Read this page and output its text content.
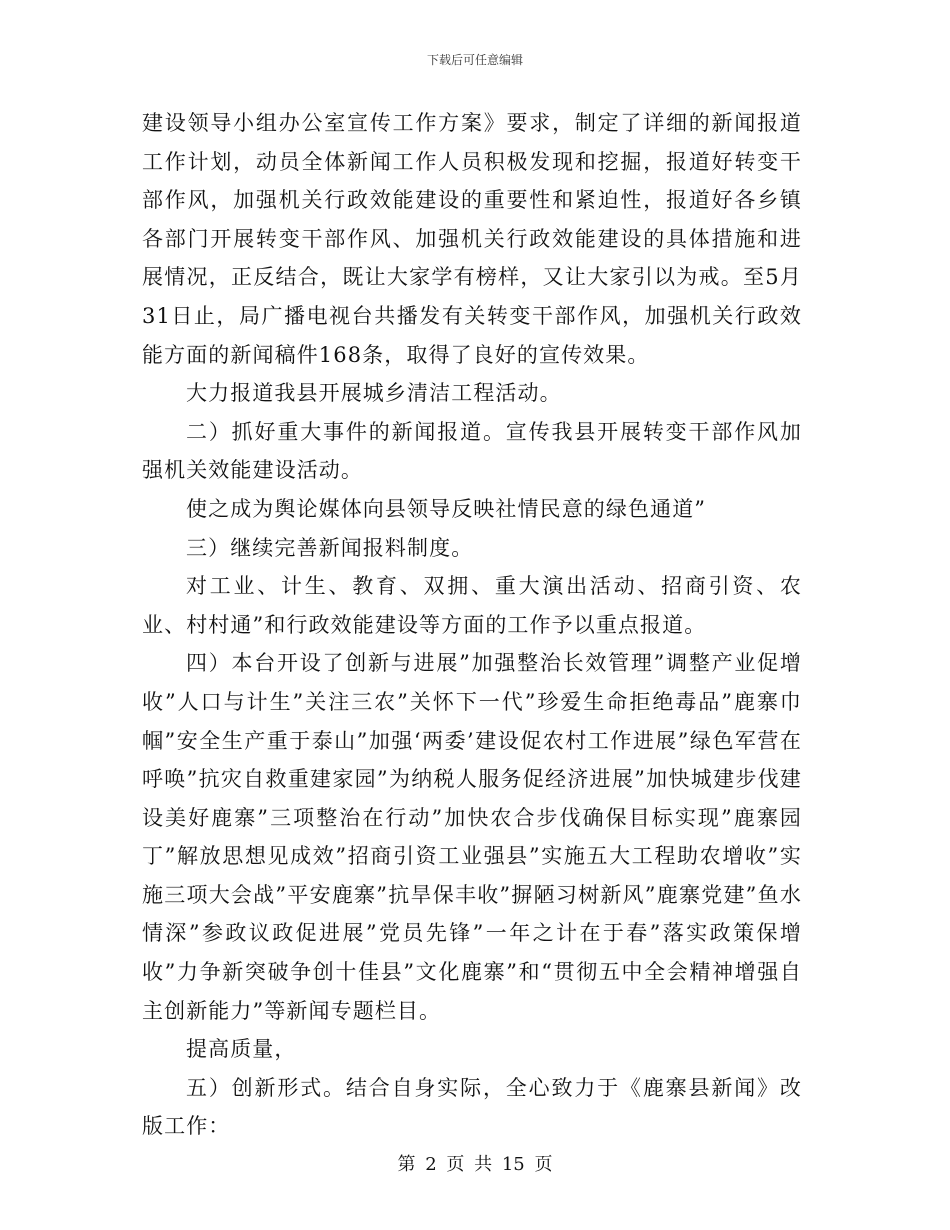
下载后可任意编辑

建设领导小组办公室宣传工作方案》要求，制定了详细的新闻报道工作计划，动员全体新闻工作人员积极发现和挖掘，报道好转变干部作风，加强机关行政效能建设的重要性和紧迫性，报道好各乡镇各部门开展转变干部作风、加强机关行政效能建设的具体措施和进展情况，正反结合，既让大家学有榜样，又让大家引以为戒。至5月31日止，局广播电视台共播发有关转变干部作风，加强机关行政效能方面的新闻稿件168条，取得了良好的宣传效果。

大力报道我县开展城乡清洁工程活动。

二）抓好重大事件的新闻报道。宣传我县开展转变干部作风加强机关效能建设活动。

使之成为舆论媒体向县领导反映社情民意的绿色通道”

三）继续完善新闻报料制度。

对工业、计生、教育、双拥、重大演出活动、招商引资、农业、村村通”和行政效能建设等方面的工作予以重点报道。

四）本台开设了创新与进展”加强整治长效管理”调整产业促增收”人口与计生”关注三农”关怀下一代”珍爱生命拒绝毒品”鹿寨巾帼”安全生产重于泰山”加强‘两委’建设促农村工作进展”绿色军营在呼唤”抗灾自救重建家园”为纳税人服务促经济进展”加快城建步伐建设美好鹿寨”三项整治在行动”加快农合步伐确保目标实现”鹿寨园丁”解放思想见成效”招商引资工业强县”实施五大工程助农增收”实施三项大会战”平安鹿寨”抗旱保丰收”摒陋习树新风”鹿寨党建”鱼水情深”参政议政促进展”党员先锋”一年之计在于春”落实政策保增收”力争新突破争创十佳县”文化鹿寨”和“贯彻五中全会精神增强自主创新能力”等新闻专题栏目。

提高质量，

五）创新形式。结合自身实际，全心致力于《鹿寨县新闻》改版工作：

第 2 页 共 15 页
